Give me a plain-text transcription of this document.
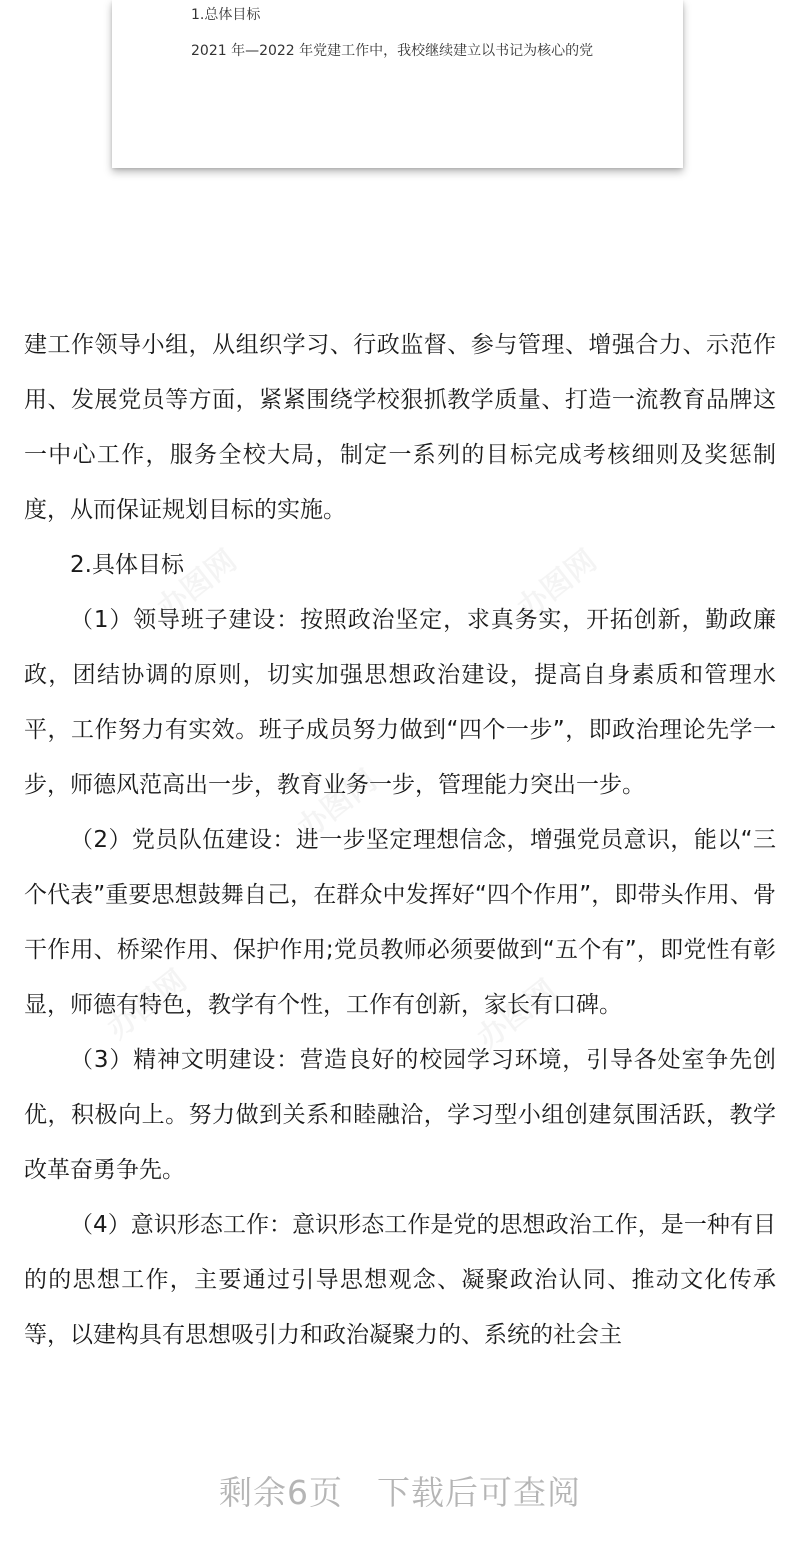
1.总体目标
2021 年—2022 年党建工作中，我校继续建立以书记为核心的党

建工作领导小组，从组织学习、行政监督、参与管理、增强合力、示范作用、发展党员等方面，紧紧围绕学校狠抓教学质量、打造一流教育品牌这一中心工作，服务全校大局，制定一系列的目标完成考核细则及奖惩制度，从而保证规划目标的实施。

2.具体目标

（1）领导班子建设：按照政治坚定，求真务实，开拓创新，勤政廉政，团结协调的原则，切实加强思想政治建设，提高自身素质和管理水平，工作努力有实效。班子成员努力做到“四个一步”，即政治理论先学一步，师德风范高出一步，教育业务一步，管理能力突出一步。

（2）党员队伍建设：进一步坚定理想信念，增强党员意识，能以“三个代表”重要思想鼓舞自己，在群众中发挥好“四个作用”，即带头作用、骨干作用、桥梁作用、保护作用;党员教师必须要做到“五个有”，即党性有彰显，师德有特色，教学有个性，工作有创新，家长有口碑。

（3）精神文明建设：营造良好的校园学习环境，引导各处室争先创优，积极向上。努力做到关系和睦融洽，学习型小组创建氛围活跃，教学改革奋勇争先。

（4）意识形态工作：意识形态工作是党的思想政治工作，是一种有目的的思想工作，主要通过引导思想观念、凝聚政治认同、推动文化传承等，以建构具有思想吸引力和政治凝聚力的、系统的社会主

剩余6页 下载后可查阅
